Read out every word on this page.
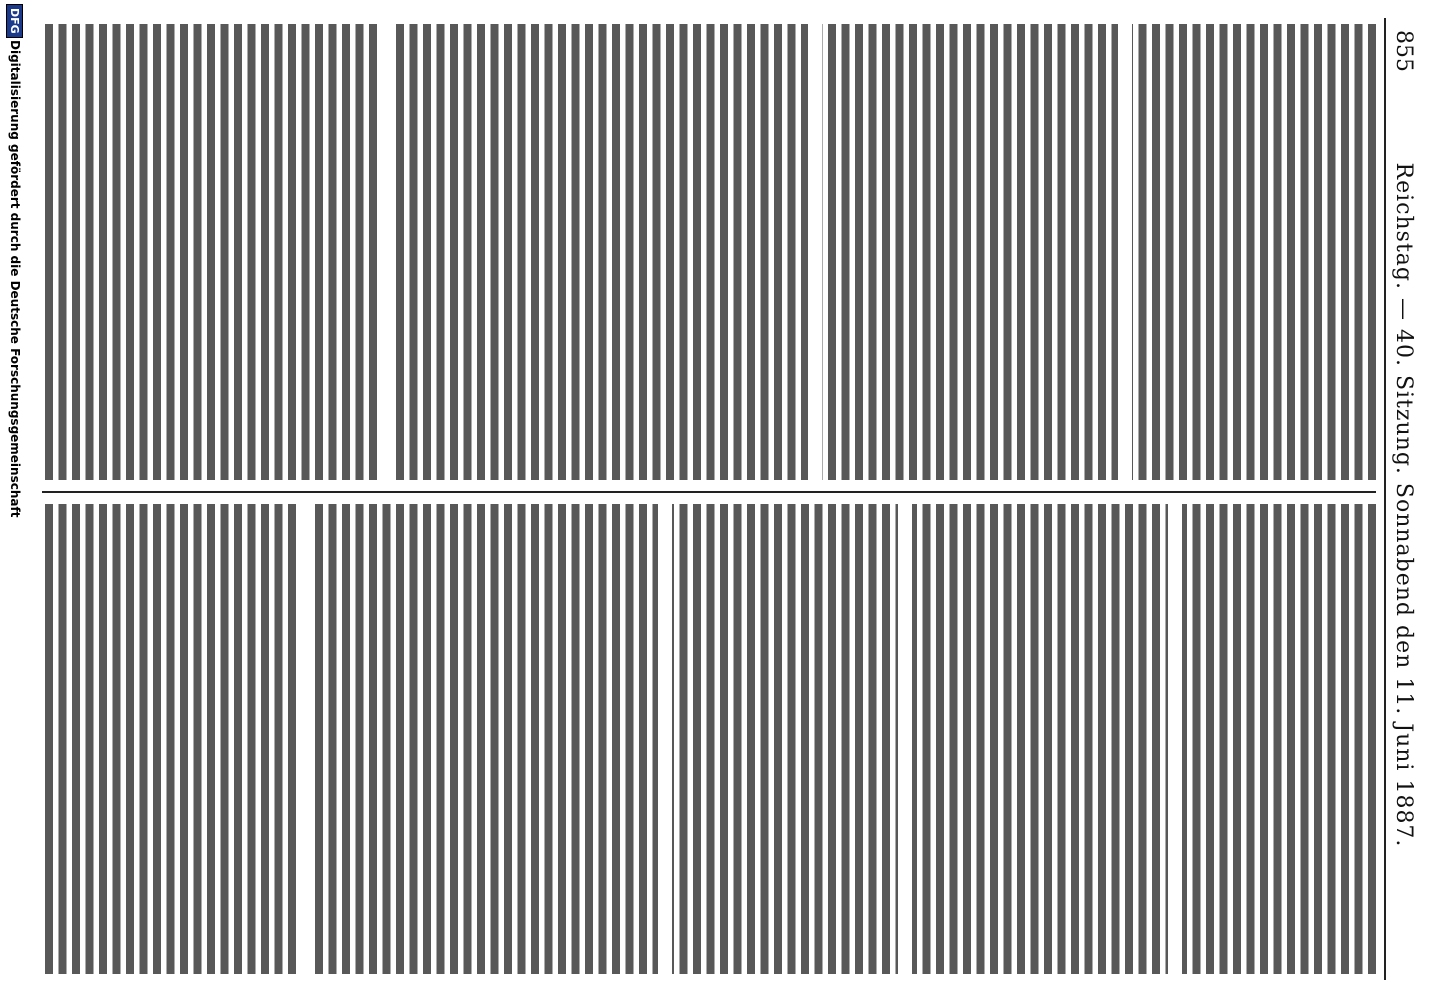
855
Reichstag. — 40. Sitzung. Sonnabend den 11. Juni 1887.
Digitalisierung gefördert durch die Deutsche Forschungsgemeinschaft
DFG
